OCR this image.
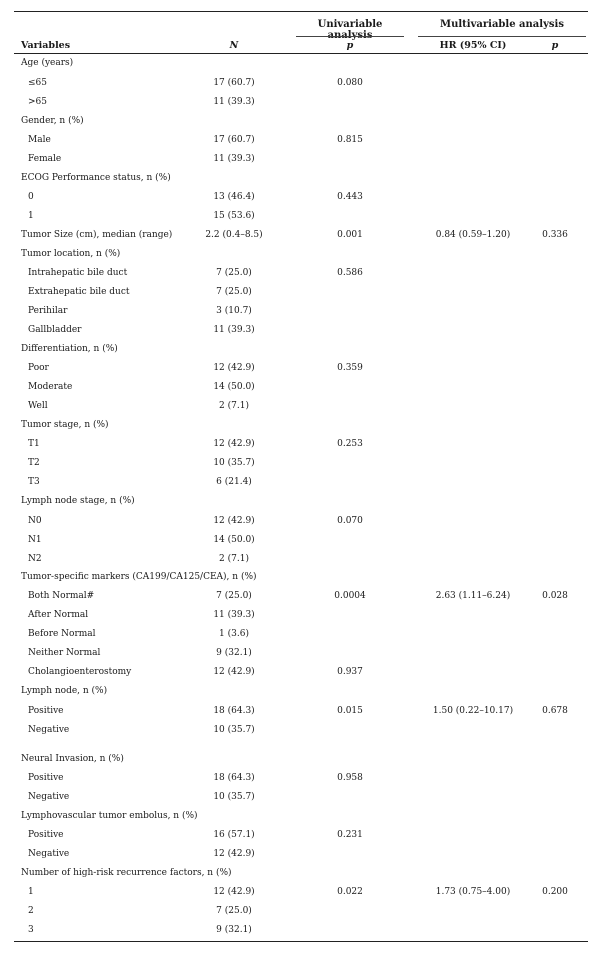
Univariable	Multivariable analysis
Variables	N	p	HR (95% CI)	p
Age (years)
≤65	17 (60.7)	0.080
>65	11 (39.3)
Gender, n (%)
Male	17 (60.7)	0.815
Female	11 (39.3)
ECOG Performance status, n (%)
0	13 (46.4)	0.443
1	15 (53.6)
Tumor Size (cm), median (range)	2.2 (0.4–8.5)	0.001	0.84 (0.59–1.20)	0.336
Tumor location, n (%)
Intrahepatic bile duct	7 (25.0)	0.586
Extrahepatic bile duct	7 (25.0)
Perihilar	3 (10.7)
Gallbladder	11 (39.3)
Differentiation, n (%)
Poor	12 (42.9)	0.359
Moderate	14 (50.0)
Well	2 (7.1)
Tumor stage, n (%)
T1	12 (42.9)	0.253
T2	10 (35.7)
T3	6 (21.4)
Lymph node stage, n (%)
N0	12 (42.9)	0.070
N1	14 (50.0)
N2	2 (7.1)
Tumor-specific markers (CA199/CA125/CEA), n (%)
Both Normal#	7 (25.0)	0.0004	2.63 (1.11–6.24)	0.028
After Normal	11 (39.3)
Before Normal	1 (3.6)
Neither Normal	9 (32.1)
Cholangioenterostomy	12 (42.9)	0.937
Lymph node, n (%)
Positive	18 (64.3)	0.015	1.50 (0.22–10.17)	0.678
Negative	10 (35.7)
Neural Invasion, n (%)
Positive	18 (64.3)	0.958
Negative	10 (35.7)
Lymphovascular tumor embolus, n (%)
Positive	16 (57.1)	0.231
Negative	12 (42.9)
Number of high-risk recurrence factors, n (%)
1	12 (42.9)	0.022	1.73 (0.75–4.00)	0.200
2	7 (25.0)
3	9 (32.1)
